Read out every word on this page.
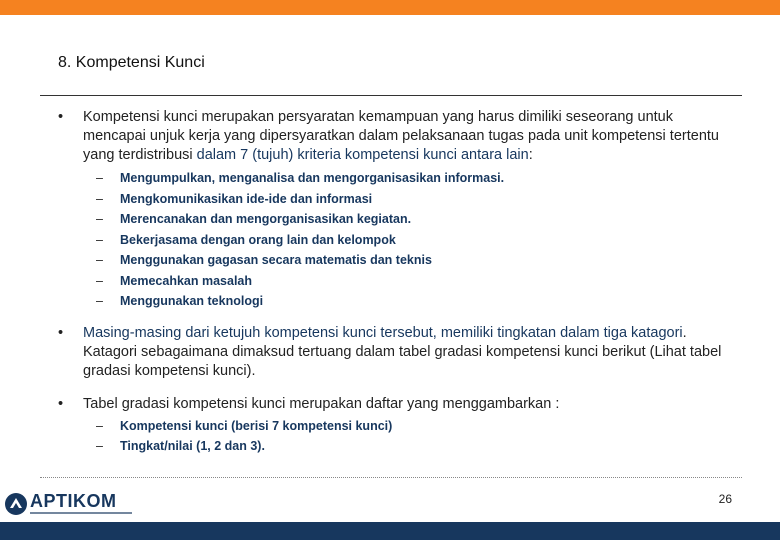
8. Kompetensi Kunci
• Kompetensi kunci merupakan persyaratan kemampuan yang harus dimiliki seseorang untuk mencapai unjuk kerja yang dipersyaratkan dalam pelaksanaan tugas pada unit kompetensi tertentu yang terdistribusi dalam 7 (tujuh) kriteria kompetensi kunci antara lain:
– Mengumpulkan, menganalisa dan mengorganisasikan informasi.
– Mengkomunikasikan ide-ide dan informasi
– Merencanakan dan mengorganisasikan kegiatan.
– Bekerjasama dengan orang lain dan kelompok
– Menggunakan gagasan secara matematis dan teknis
– Memecahkan masalah
– Menggunakan teknologi
• Masing-masing dari ketujuh kompetensi kunci tersebut, memiliki tingkatan dalam tiga katagori. Katagori sebagaimana dimaksud tertuang dalam tabel gradasi kompetensi kunci berikut (Lihat tabel gradasi kompetensi kunci).
• Tabel gradasi kompetensi kunci merupakan daftar yang menggambarkan :
– Kompetensi kunci (berisi 7 kompetensi kunci)
– Tingkat/nilai (1, 2 dan 3).
APTIKOM	26
